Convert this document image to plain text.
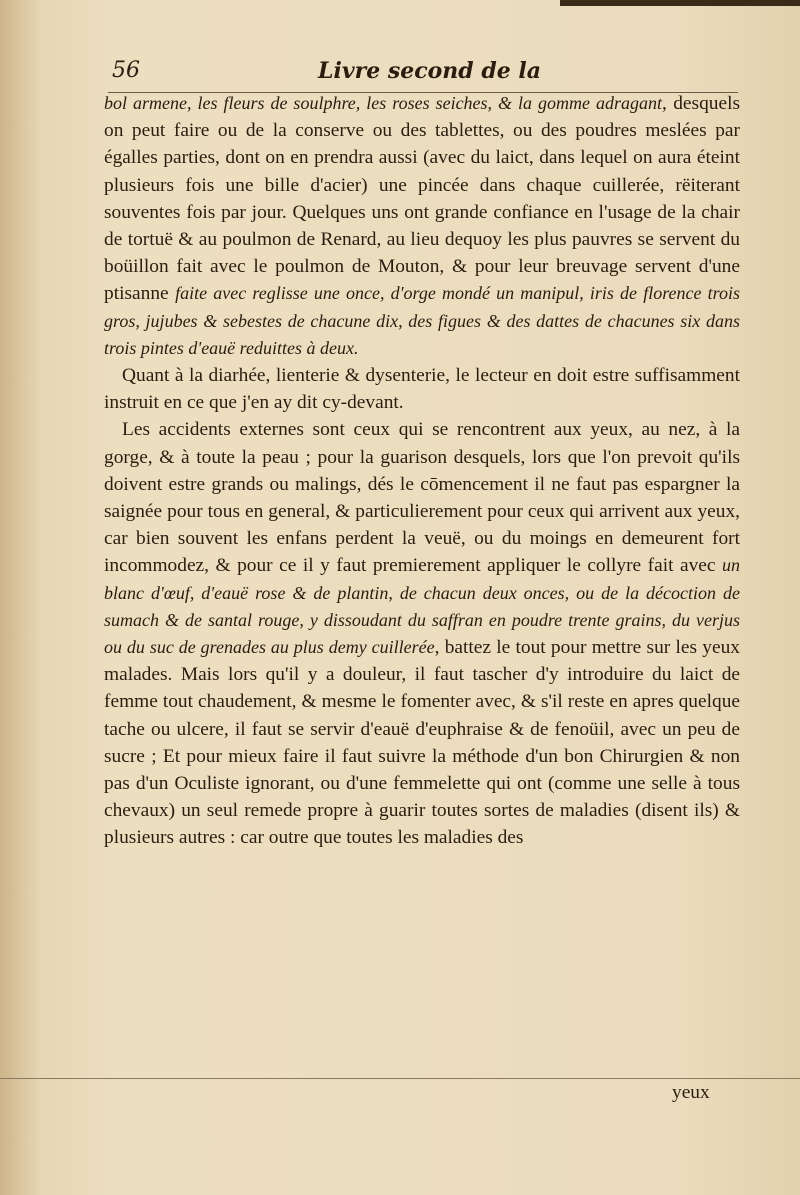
56	Livre second de la

bol armene, les fleurs de soulphre, les roses seiches, & la gomme adragant, desquels on peut faire ou de la conserve ou des tablettes, ou des poudres meslées par égalles parties, dont on en prendra aussi (avec du laict, dans lequel on aura éteint plusieurs fois une bille d'acier) une pincée dans chaque cuillerée, rëiterant souventes fois par jour. Quelques uns ont grande confiance en l'usage de la chair de tortuë & au poulmon de Renard, au lieu dequoy les plus pauvres se servent du boüillon fait avec le poulmon de Mouton, & pour leur breuvage servent d'une ptisanne faite avec reglisse une once, d'orge mondé un manipul, iris de florence trois gros, jujubes & sebestes de chacune dix, des figues & des dattes de chacunes six dans trois pintes d'eauë reduittes à deux.

Quant à la diarhée, lienterie & dysenterie, le lecteur en doit estre suffisamment instruit en ce que j'en ay dit cy-devant.

Les accidents externes sont ceux qui se rencontrent aux yeux, au nez, à la gorge, & à toute la peau ; pour la guarison desquels, lors que l'on prevoit qu'ils doivent estre grands ou malings, dés le cōmencement il ne faut pas espargner la saignée pour tous en general, & particulierement pour ceux qui arrivent aux yeux, car bien souvent les enfans perdent la veuë, ou du moings en demeurent fort incommodez, & pour ce il y faut premierement appliquer le collyre fait avec un blanc d'œuf, d'eauë rose & de plantin, de chacun deux onces, ou de la décoction de sumach & de santal rouge, y dissoudant du saffran en poudre trente grains, du verjus ou du suc de grenades au plus demy cuillerée, battez le tout pour mettre sur les yeux malades. Mais lors qu'il y a douleur, il faut tascher d'y introduire du laict de femme tout chaudement, & mesme le fomenter avec, & s'il reste en apres quelque tache ou ulcere, il faut se servir d'eauë d'euphraise & de fenoüil, avec un peu de sucre ; Et pour mieux faire il faut suivre la méthode d'un bon Chirurgien & non pas d'un Oculiste ignorant, ou d'une femmelette qui ont (comme une selle à tous chevaux) un seul remede propre à guarir toutes sortes de maladies (disent ils) & plusieurs autres : car outre que toutes les maladies des

yeux
